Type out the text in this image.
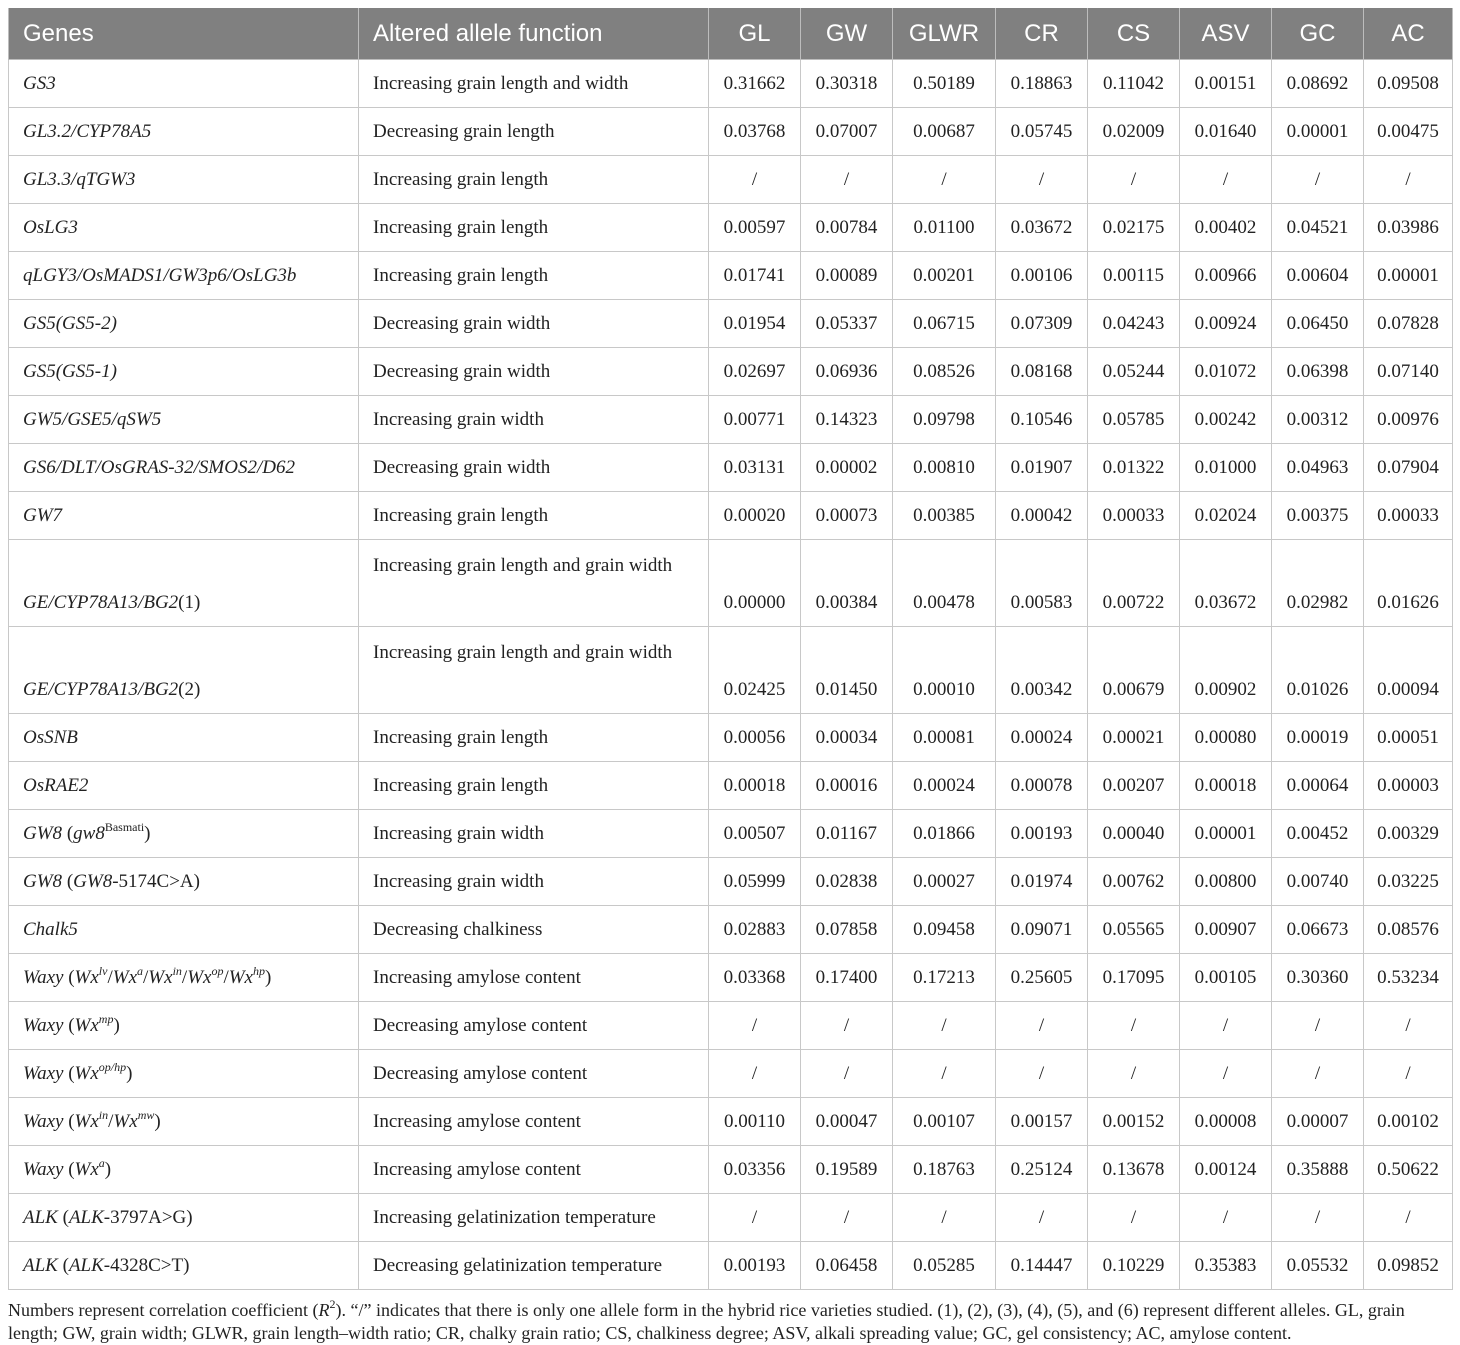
Genes	Altered allele function	GL	GW	GLWR	CR	CS	ASV	GC	AC
GS3	Increasing grain length and width	0.31662	0.30318	0.50189	0.18863	0.11042	0.00151	0.08692	0.09508
GL3.2/CYP78A5	Decreasing grain length	0.03768	0.07007	0.00687	0.05745	0.02009	0.01640	0.00001	0.00475
GL3.3/qTGW3	Increasing grain length	/	/	/	/	/	/	/	/
OsLG3	Increasing grain length	0.00597	0.00784	0.01100	0.03672	0.02175	0.00402	0.04521	0.03986
qLGY3/OsMADS1/GW3p6/OsLG3b	Increasing grain length	0.01741	0.00089	0.00201	0.00106	0.00115	0.00966	0.00604	0.00001
GS5(GS5-2)	Decreasing grain width	0.01954	0.05337	0.06715	0.07309	0.04243	0.00924	0.06450	0.07828
GS5(GS5-1)	Decreasing grain width	0.02697	0.06936	0.08526	0.08168	0.05244	0.01072	0.06398	0.07140
GW5/GSE5/qSW5	Increasing grain width	0.00771	0.14323	0.09798	0.10546	0.05785	0.00242	0.00312	0.00976
GS6/DLT/OsGRAS-32/SMOS2/D62	Decreasing grain width	0.03131	0.00002	0.00810	0.01907	0.01322	0.01000	0.04963	0.07904
GW7	Increasing grain length	0.00020	0.00073	0.00385	0.00042	0.00033	0.02024	0.00375	0.00033
GE/CYP78A13/BG2(1)	Increasing grain length and grain width	0.00000	0.00384	0.00478	0.00583	0.00722	0.03672	0.02982	0.01626
GE/CYP78A13/BG2(2)	Increasing grain length and grain width	0.02425	0.01450	0.00010	0.00342	0.00679	0.00902	0.01026	0.00094
OsSNB	Increasing grain length	0.00056	0.00034	0.00081	0.00024	0.00021	0.00080	0.00019	0.00051
OsRAE2	Increasing grain length	0.00018	0.00016	0.00024	0.00078	0.00207	0.00018	0.00064	0.00003
GW8 $(gw8^{Basmati})$	Increasing grain width	0.00507	0.01167	0.01866	0.00193	0.00040	0.00001	0.00452	0.00329
GW8 (GW8-5174C>A)	Increasing grain width	0.05999	0.02838	0.00027	0.01974	0.00762	0.00800	0.00740	0.03225
Chalk5	Decreasing chalkiness	0.02883	0.07858	0.09458	0.09071	0.05565	0.00907	0.06673	0.08576
Waxy $(Wx^{lv}/Wx^a/Wx^{in}/Wx^{op}/Wx^{hp})$	Increasing amylose content	0.03368	0.17400	0.17213	0.25605	0.17095	0.00105	0.30360	0.53234
Waxy $(Wx^{mp})$	Decreasing amylose content	/	/	/	/	/	/	/	/
Waxy $(Wx^{op/hp})$	Decreasing amylose content	/	/	/	/	/	/	/	/
Waxy $(Wx^{in}/Wx^{mw})$	Increasing amylose content	0.00110	0.00047	0.00107	0.00157	0.00152	0.00008	0.00007	0.00102
Waxy (Wx$^a$)	Increasing amylose content	0.03356	0.19589	0.18763	0.25124	0.13678	0.00124	0.35888	0.50622
ALK (ALK-3797A>G)	Increasing gelatinization temperature	/	/	/	/	/	/	/	/
ALK (ALK-4328C>T)	Decreasing gelatinization temperature	0.00193	0.06458	0.05285	0.14447	0.10229	0.35383	0.05532	0.09852
Numbers represent correlation coefficient $(R^2)$. “/” indicates that there is only one allele form in the hybrid rice varieties studied. (1), (2), (3), (4), (5), and (6) represent different alleles. GL, grain length; GW, grain width; GLWR, grain length–width ratio; CR, chalky grain ratio; CS, chalkiness degree; ASV, alkali spreading value; GC, gel consistency; AC, amylose content.
